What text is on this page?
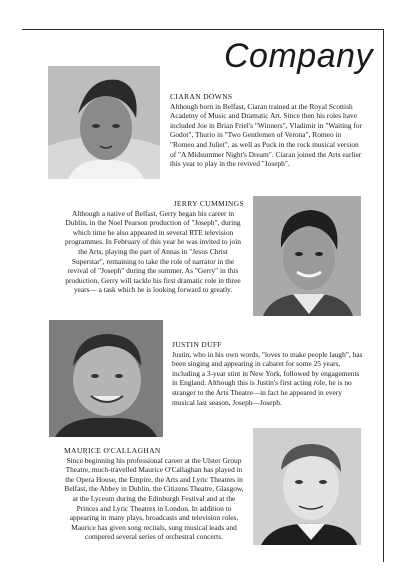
Company
CIARAN DOWNS
Although born in Belfast, Ciaran trained at the Royal Scottish Academy of Music and Dramatic Art. Since then his roles have included Joe in Brian Friel's "Winners", Vladimir in "Waiting for Godot", Thurio in "Two Gentlemen of Verona", Romeo in "Romeo and Juliet", as well as Puck in the rock musical version of "A Midsummer Night's Dream". Ciaran joined the Arts earlier this year to play in the revived "Joseph".
JERRY CUMMINGS
Although a native of Belfast, Gerry began his career in Dublin, in the Noel Pearson production of "Joseph", during which time he also appeared in several RTE television programmes. In February of this year he was invited to join the Arts, playing the part of Annas in "Jesus Christ Superstar", remaining to take the role of narrator in the revival of "Joseph" during the summer. As "Gerry" in this production, Gerry will tackle his first dramatic role in three years— a task which he is looking forward to greatly.
JUSTIN DUFF
Justin, who in his own words, "loves to make people laugh", has been singing and appearing in cabaret for some 25 years, including a 3-year stint in New York, followed by engagements in England. Although this is Justin's first acting role, he is no stranger to the Arts Theatre—in fact he appeared in every musical last season, Joseph—Joseph.
MAURICE O'CALLAGHAN
Since beginning his professional career at the Ulster Group Theatre, much-travelled Maurice O'Callaghan has played in the Opera House, the Empire, the Arts and Lyric Theatres in Belfast, the Abbey in Dublin, the Citizens Theatre, Glasgow, at the Lyceum during the Edinburgh Festival and at the Princes and Lyric Theatres in London. In addition to appearing in many plays, broadcasts and television roles, Maurice has given song recitals, sung musical leads and compered several series of orchestral concerts.
